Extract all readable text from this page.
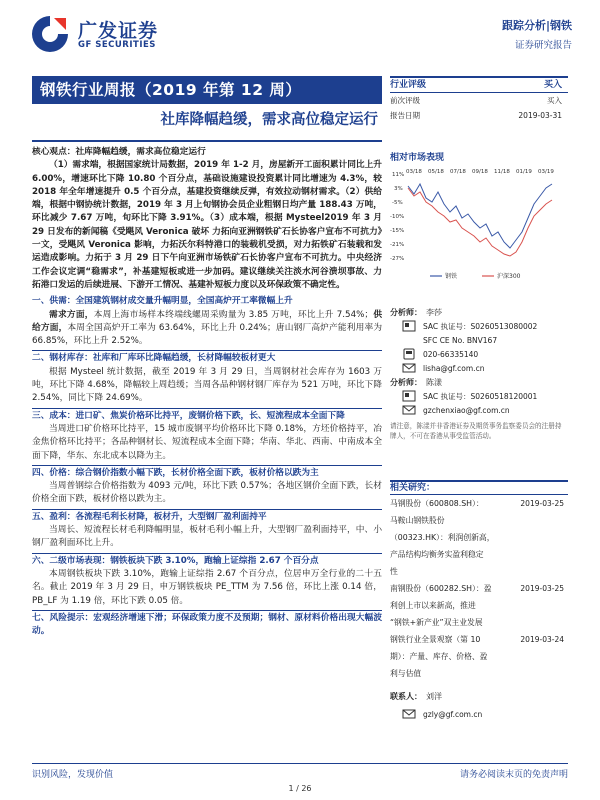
广发证券
GF SECURITIES
跟踪分析|钢铁
证券研究报告
钢铁行业周报（2019 年第 12 周）
社库降幅趋缓，需求高位稳定运行

核心观点：社库降幅趋缓，需求高位稳定运行

（1）需求端，根据国家统计局数据，2019 年 1-2 月，房屋新开工面积累计同比上升 6.00%，增速环比下降 10.80 个百分点，基础设施建设投资累计同比增速为 4.3%，较 2018 年全年增速提升 0.5 个百分点，基建投资继续反弹，有效拉动钢材需求。（2）供给端，根据中钢协统计数据，2019 年 3 月上旬钢协会员企业粗钢日均产量 188.43 万吨，环比减少 7.67 万吨，旬环比下降 3.91%。（3）成本端，根据 Mysteel2019 年 3 月 29 日发布的新闻稿《受飓风 Veronica 破坏 力拓向亚洲钢铁矿石长协客户宣布不可抗力》一文，受飓风 Veronica 影响，力拓沃尔科特港口的装载机受损，对力拓铁矿石装载和发运造成影响。力拓于 3 月 29 日下午向亚洲市场铁矿石长协客户宣布不可抗力。中央经济工作会议定调“稳需求”，补基建短板或进一步加码。建议继续关注淡水河谷溃坝事故、力拓港口发运的后续进展、下游开工情况、基建补短板力度以及环保政策不确定性。

一、供需：全国建筑钢材成交量升幅明显，全国高炉开工率微幅上升

需求方面，本周上海市场样本终端线螺周采购量为 3.85 万吨，环比上升 7.54%；供给方面，本周全国高炉开工率为 63.64%，环比上升 0.24%；唐山钢厂高炉产能利用率为 66.85%，环比上升 2.52%。

二、钢材库存：社库和厂库环比降幅趋缓，长材降幅较板材更大

根据 Mysteel 统计数据，截至 2019 年 3 月 29 日，当周钢材社会库存为 1603 万吨，环比下降 4.68%，降幅较上周趋缓；当周各品种钢材钢厂库存为 521 万吨，环比下降 2.54%，同比下降 24.69%。

三、成本：进口矿、焦炭价格环比持平，废钢价格下跌，长、短流程成本全面下降

当周进口矿价格环比持平，15 城市废钢平均价格环比下降 0.18%，方坯价格持平，冶金焦价格环比持平；各品种钢材长、短流程成本全面下降；华南、华北、西南、中南成本全面下降，华东、东北成本以降为主。

四、价格：综合钢价指数小幅下跌，长材价格全面下跌，板材价格以跌为主

当周普钢综合价格指数为 4093 元/吨，环比下跌 0.57%；各地区钢价全面下跌，长材价格全面下跌，板材价格以跌为主。

五、盈利：各流程毛利长材降，板材升，大型钢厂盈利面持平

当周长、短流程长材毛利降幅明显，板材毛利小幅上升，大型钢厂盈利面持平，中、小钢厂盈利面环比上升。

六、二级市场表现：钢铁板块下跌 3.10%，跑输上证综指 2.67 个百分点

本周钢铁板块下跌 3.10%，跑输上证综指 2.67 个百分点，位居申万全行业的二十五名。截止 2019 年 3 月 29 日，申万钢铁板块 PE_TTM 为 7.56 倍，环比上涨 0.14 倍，PB_LF 为 1.19 倍，环比下跌 0.05 倍。

七、风险提示：宏观经济增速下滑；环保政策力度不及预期；钢材、原材料价格出现大幅波动。

行业评级	买入
前次评级	买入
报告日期	2019-03-31
相对市场表现
11%
3%
-5%
-10%
-15%
-21%
-27%
03/18 05/18 07/18 09/18 11/18 01/19 03/19
钢铁	沪深300
分析师： 李莎
SAC 执证号：S0260513080002
SFC CE No. BNV167
020-66335140
lisha@gf.com.cn
分析师： 陈漾
SAC 执证号：S0260518120001
gzchenxiao@gf.com.cn
请注意，陈漾并非香港证券及期货事务监察委员会的注册持牌人，不可在香港从事受监管活动。
相关研究：
马钢股份（600808.SH）：	2019-03-25
马鞍山钢铁股份
（00323.HK）：利润创新高，
产品结构均衡务实盈利稳定
性
南钢股份（600282.SH）：盈	2019-03-25
利创上市以来新高，推进
“钢铁+新产业”双主业发展
钢铁行业全景观察（第 10	2019-03-24
期）：产量、库存、价格、盈
利与估值
联系人： 刘洋
gzly@gf.com.cn
识别风险，发现价值	请务必阅读末页的免责声明
1 / 26
